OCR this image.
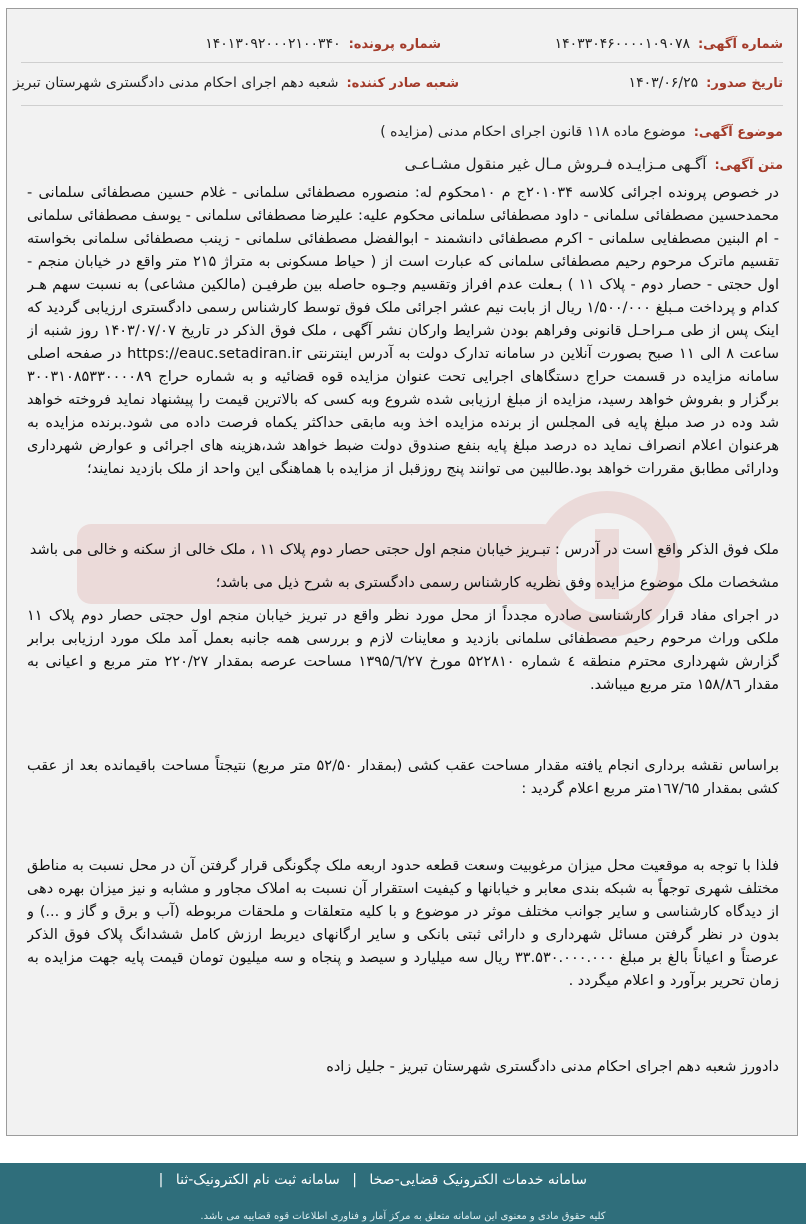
شماره آگهی:
۱۴۰۳۳۰۴۶۰۰۰۰۱۰۹۰۷۸
شماره پرونده:
۱۴۰۱۳۰۹۲۰۰۰۲۱۰۰۳۴۰
تاریخ صدور:
۱۴۰۳/۰۶/۲۵
شعبه صادر کننده:
شعبه دهم اجرای احکام مدنی دادگستری شهرستان تبریز
موضوع آگهی:
موضوع ماده ۱۱۸ قانون اجرای احکام مدنی (مزایده )
متن آگهی:
آگـهی مـزایـده فـروش مـال غیر منقول مشـاعـی
در خصوص پرونده اجرائی کلاسه ۲۰۱۰۳۴ج م ۱۰محکوم له: منصوره مصطفائی سلمانی - غلام حسین مصطفائی سلمانی - محمدحسین مصطفائی سلمانی - داود مصطفائی سلمانی محکوم علیه: علیرضا مصطفائی سلمانی - یوسف مصطفائی سلمانی - ام البنین مصطفایی سلمانی - اکرم مصطفائی دانشمند - ابوالفضل مصطفائی سلمانی - زینب مصطفائی سلمانی بخواسته تقسیم ماترک مرحوم رحیم مصطفائی سلمانی که عبارت است از ( حیاط مسکونی به متراژ ۲۱۵ متر واقع در خیابان منجم - اول حجتی - حصار دوم - پلاک ۱۱ ) بـعلت عدم افراز وتقسیم وجـوه حاصله بین طرفیـن (مالکین مشاعی) به نسبت سهم هـر کدام و پرداخت مـبلغ ۱/۵۰۰/۰۰۰ ریال از بابت نیم عشر اجرائی ملک فوق توسط کارشناس رسمی دادگستری ارزیابی گردید که اینک پس از طی مـراحـل قانونی وفراهم بودن شرایط وارکان نشر آگهی ، ملک فوق الذکر در تاریخ ۱۴۰۳/۰۷/۰۷ روز شنبه از ساعت ۸ الی ۱۱ صبح بصورت آنلاین در سامانه تدارک دولت به آدرس اینترنتی https://eauc.setadiran.ir در صفحه اصلی سامانه مزایده در قسمت حراج دستگاهای اجرایی تحت عنوان مزایده قوه قضائیه و به شماره حراج ۳۰۰۳۱۰۸۵۳۳۰۰۰۰۸۹ برگزار و بفروش خواهد رسید، مزایده از مبلغ ارزیابی شده شروع وبه کسی که بالاترین قیمت را پیشنهاد نماید فروخته خواهد شد وده در صد مبلغ پایه فی المجلس از برنده مزایده اخذ وبه مابقی حداکثر یکماه فرصت داده می شود.برنده مزایده به هرعنوان اعلام انصراف نماید ده درصد مبلغ پایه بنفع صندوق دولت ضبط خواهد شد،هزینه های اجرائی و عوارض شهرداری ودارائی مطابق مقررات خواهد بود.طالبین می توانند پنج روزقبل از مزایده با هماهنگی این واحد از ملک بازدید نمایند؛
ملک فوق الذکر واقع است در آدرس : تبـریز خیابان منجم اول حجتی حصار دوم پلاک ۱۱ ، ملک خالی از سکنه و خالی می باشد
مشخصات ملک موضوع مزایده وفق نظریه کارشناس رسمی دادگستری به شرح ذیل می باشد؛
در اجرای مفاد قرار کارشناسی صادره مجدداً از محل مورد نظر واقع در تبریز خیابان منجم اول حجتی حصار دوم پلاک ۱۱ ملکی وراث مرحوم رحیم مصطفائی سلمانی بازدید و معاینات لازم و بررسی همه جانبه بعمل آمد ملک مورد ارزیابی برابر گزارش شهرداری محترم منطقه ٤ شماره ۵۲۲۸۱۰ مورخ ۱۳۹۵/٦/۲۷ مساحت عرصه بمقدار ۲۲۰/۲۷ متر مربع و اعیانی به مقدار ۱۵۸/۸٦ متر مربع میباشد.
براساس نقشه برداری انجام یافته مقدار مساحت عقب کشی (بمقدار ۵۲/۵۰ متر مربع) نتیجتاً مساحت باقیمانده بعد از عقب کشی بمقدار ۱٦۷/٦۵متر مربع اعلام گردید :
فلذا با توجه به موقعیت محل میزان مرغوبیت وسعت قطعه حدود اربعه ملک چگونگی قرار گرفتن آن در محل نسبت به مناطق مختلف شهری توجهاً به شبکه بندی معابر و خیابانها و کیفیت استقرار آن نسبت به املاک مجاور و مشابه و نیز میزان بهره دهی از دیدگاه کارشناسی و سایر جوانب مختلف موثر در موضوع و با کلیه متعلقات و ملحقات مربوطه (آب و برق و گاز و ...) و بدون در نظر گرفتن مسائل شهرداری و دارائی ثبتی بانکی و سایر ارگانهای دیربط ارزش کامل ششدانگ پلاک فوق الذکر عرصتاً و اعیاناً بالغ بر مبلغ ۳۳.۵۳۰.۰۰۰.۰۰۰ ریال سه میلیارد و سیصد و پنجاه و سه میلیون تومان قیمت پایه جهت مزایده به زمان تحریر برآورد و اعلام میگردد .
دادورز شعبه دهم اجرای احکام مدنی دادگستری شهرستان تبریز - جلیل زاده
سامانه خدمات الکترونیک قضایی-صخا | سامانه ثبت نام الکترونیک-ثنا |
کلیه حقوق مادی و معنوی این سامانه متعلق به مرکز آمار و فناوری اطلاعات قوه قضاییه می باشد.
